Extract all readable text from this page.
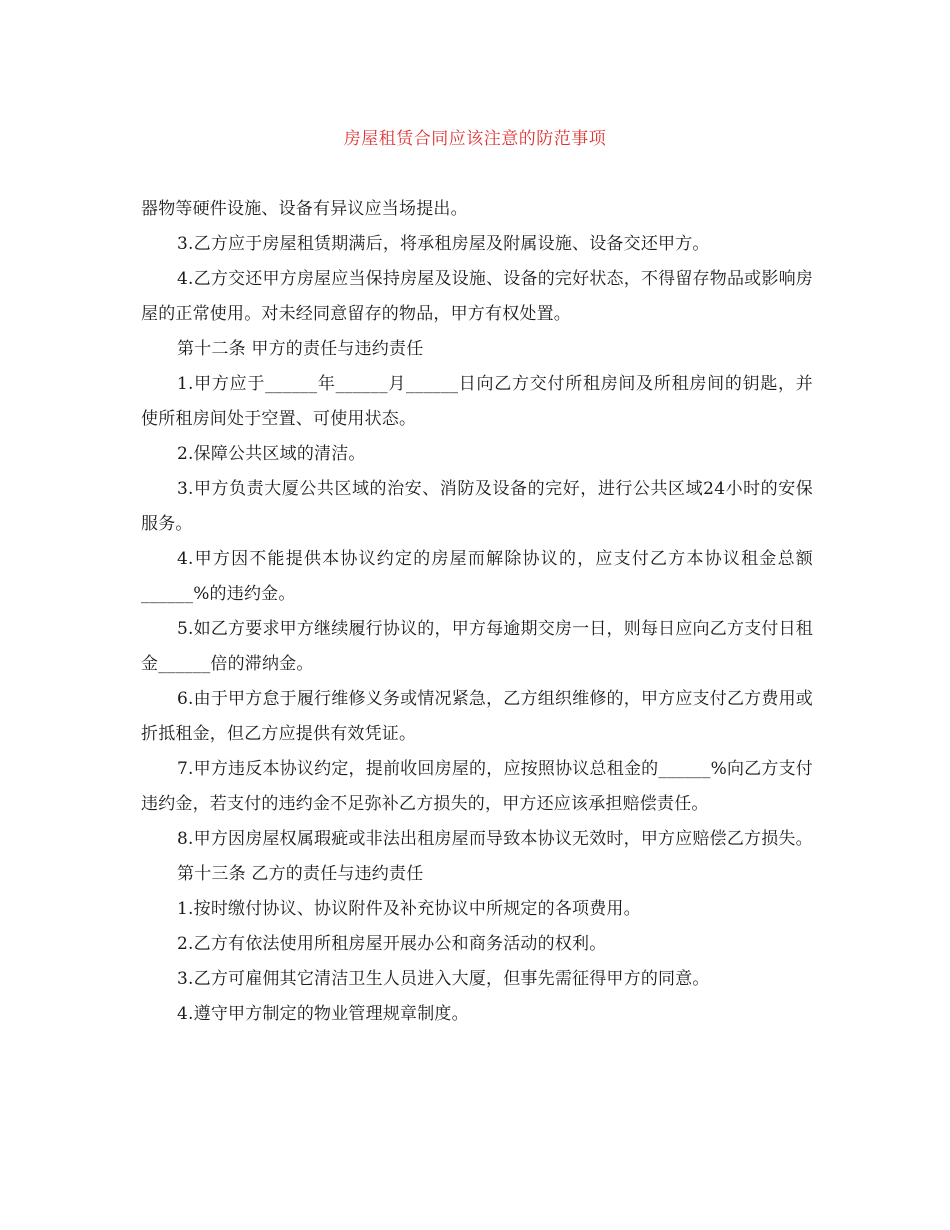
房屋租赁合同应该注意的防范事项

器物等硬件设施、设备有异议应当场提出。

3.乙方应于房屋租赁期满后，将承租房屋及附属设施、设备交还甲方。

4.乙方交还甲方房屋应当保持房屋及设施、设备的完好状态，不得留存物品或影响房屋的正常使用。对未经同意留存的物品，甲方有权处置。

第十二条 甲方的责任与违约责任

1.甲方应于______年______月______日向乙方交付所租房间及所租房间的钥匙，并使所租房间处于空置、可使用状态。

2.保障公共区域的清洁。

3.甲方负责大厦公共区域的治安、消防及设备的完好，进行公共区域24小时的安保服务。

4.甲方因不能提供本协议约定的房屋而解除协议的，应支付乙方本协议租金总额______%的违约金。

5.如乙方要求甲方继续履行协议的，甲方每逾期交房一日，则每日应向乙方支付日租金______倍的滞纳金。

6.由于甲方怠于履行维修义务或情况紧急，乙方组织维修的，甲方应支付乙方费用或折抵租金，但乙方应提供有效凭证。

7.甲方违反本协议约定，提前收回房屋的，应按照协议总租金的______%向乙方支付违约金，若支付的违约金不足弥补乙方损失的，甲方还应该承担赔偿责任。

8.甲方因房屋权属瑕疵或非法出租房屋而导致本协议无效时，甲方应赔偿乙方损失。

第十三条 乙方的责任与违约责任

1.按时缴付协议、协议附件及补充协议中所规定的各项费用。

2.乙方有依法使用所租房屋开展办公和商务活动的权利。

3.乙方可雇佣其它清洁卫生人员进入大厦，但事先需征得甲方的同意。

4.遵守甲方制定的物业管理规章制度。
